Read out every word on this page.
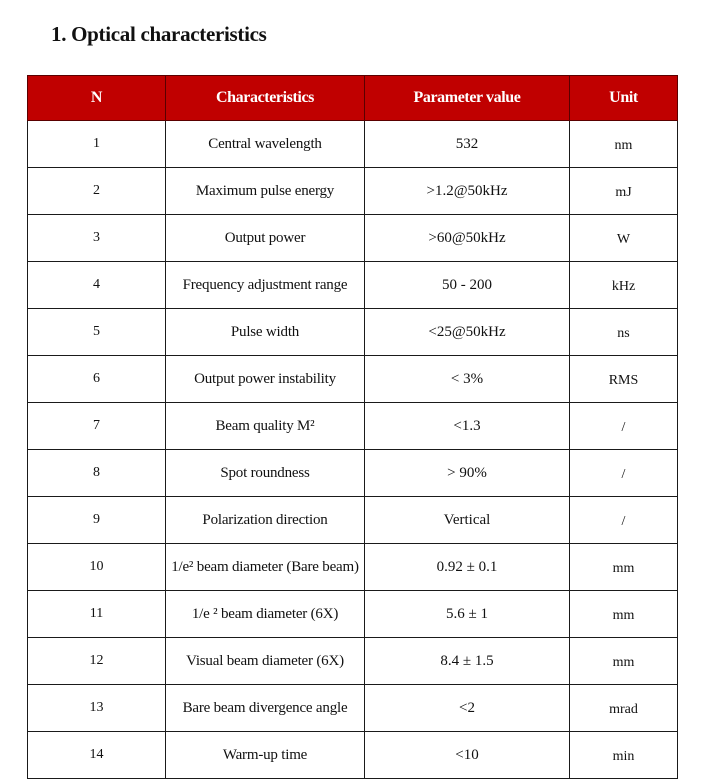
1. Optical characteristics
N	Characteristics	Parameter value	Unit
1	Central wavelength	532	nm
2	Maximum pulse energy	>1.2@50kHz	mJ
3	Output power	>60@50kHz	W
4	Frequency adjustment range	50 - 200	kHz
5	Pulse width	<25@50kHz	ns
6	Output power instability	< 3%	RMS
7	Beam quality M²	<1.3	/
8	Spot roundness	> 90%	/
9	Polarization direction	Vertical	/
10	1/e² beam diameter (Bare beam)	0.92 ± 0.1	mm
11	1/e ² beam diameter (6X)	5.6 ± 1	mm
12	Visual beam diameter (6X)	8.4 ± 1.5	mm
13	Bare beam divergence angle	<2	mrad
14	Warm-up time	<10	min
